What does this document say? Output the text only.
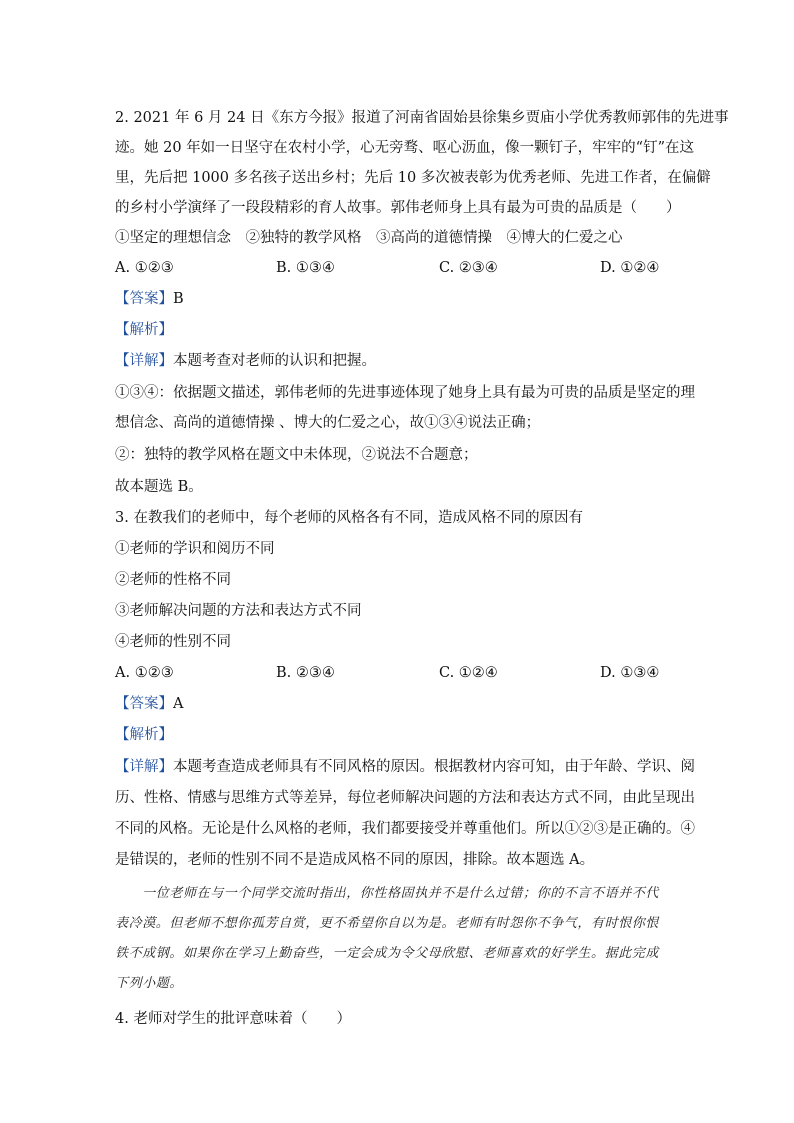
2. 2021 年 6 月 24 日《东方今报》报道了河南省固始县徐集乡贾庙小学优秀教师郭伟的先进事
迹。她 20 年如一日坚守在农村小学，心无旁骛、呕心沥血，像一颗钉子，牢牢的“钉”在这
里，先后把 1000 多名孩子送出乡村；先后 10 多次被表彰为优秀老师、先进工作者，在偏僻
的乡村小学演绎了一段段精彩的育人故事。郭伟老师身上具有最为可贵的品质是（　　）
①坚定的理想信念　②独特的教学风格　③高尚的道德情操　④博大的仁爱之心
A. ①②③	B. ①③④	C. ②③④	D. ①②④
【答案】B
【解析】
【详解】本题考查对老师的认识和把握。
①③④：依据题文描述，郭伟老师的先进事迹体现了她身上具有最为可贵的品质是坚定的理
想信念、高尚的道德情操 、博大的仁爱之心，故①③④说法正确；
②：独特的教学风格在题文中未体现，②说法不合题意；
故本题选 B。
3. 在教我们的老师中，每个老师的风格各有不同，造成风格不同的原因有
①老师的学识和阅历不同
②老师的性格不同
③老师解决问题的方法和表达方式不同
④老师的性别不同
A. ①②③	B. ②③④	C. ①②④	D. ①③④
【答案】A
【解析】
【详解】本题考查造成老师具有不同风格的原因。根据教材内容可知，由于年龄、学识、阅
历、性格、情感与思维方式等差异，每位老师解决问题的方法和表达方式不同，由此呈现出
不同的风格。无论是什么风格的老师，我们都要接受并尊重他们。所以①②③是正确的。④
是错误的，老师的性别不同不是造成风格不同的原因，排除。故本题选 A。
　　一位老师在与一个同学交流时指出，你性格固执并不是什么过错；你的不言不语并不代
表冷漠。但老师不想你孤芳自赏，更不希望你自以为是。老师有时怨你不争气，有时恨你恨
铁不成钢。如果你在学习上勤奋些，一定会成为令父母欣慰、老师喜欢的好学生。据此完成
下列小题。
4. 老师对学生的批评意味着（　　）
